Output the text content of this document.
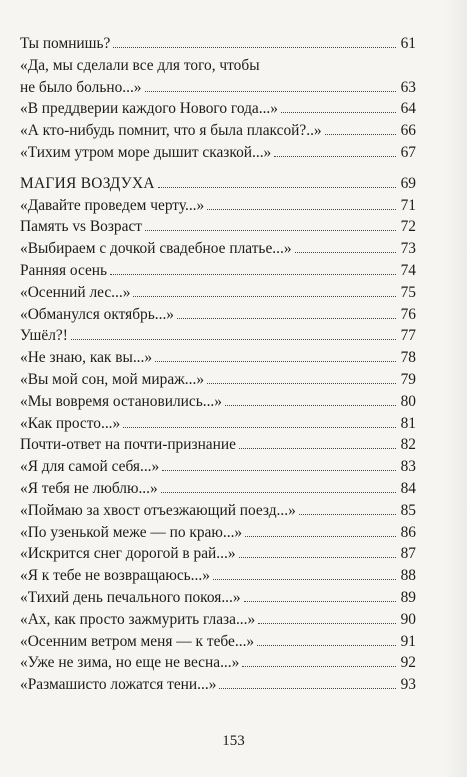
Ты помнишь?	61
«Да, мы сделали все для того, чтобы
не было больно...»	63
«В преддверии каждого Нового года...»	64
«А кто-нибудь помнит, что я была плаксой?..»	66
«Тихим утром море дышит сказкой...»	67
МАГИЯ ВОЗДУХА	69
«Давайте проведем черту...»	71
Память vs Возраст	72
«Выбираем с дочкой свадебное платье...»	73
Ранняя осень	74
«Осенний лес...»	75
«Обманулся октябрь...»	76
Ушёл?!	77
«Не знаю, как вы...»	78
«Вы мой сон, мой мираж...»	79
«Мы вовремя остановились...»	80
«Как просто...»	81
Почти-ответ на почти-признание	82
«Я для самой себя...»	83
«Я тебя не люблю...»	84
«Поймаю за хвост отъезжающий поезд...»	85
«По узенькой меже — по краю...»	86
«Искрится снег дорогой в рай...»	87
«Я к тебе не возвращаюсь...»	88
«Тихий день печального покоя...»	89
«Ах, как просто зажмурить глаза...»	90
«Осенним ветром меня — к тебе...»	91
«Уже не зима, но еще не весна...»	92
«Размашисто ложатся тени...»	93
153
